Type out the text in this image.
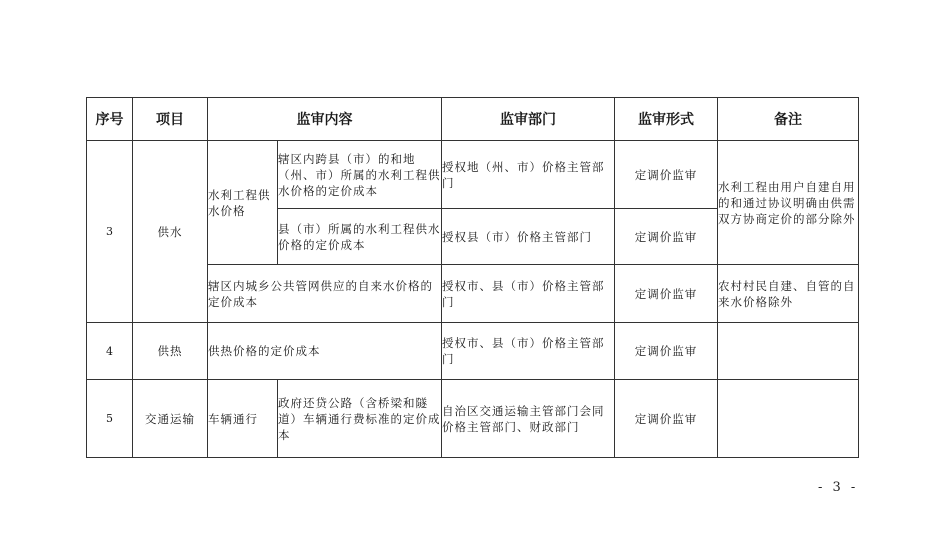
序号	项目	监审内容		监审部门	监审形式	备注
3	供水	水利工程供水价格	辖区内跨县（市）的和地（州、市）所属的水利工程供水价格的定价成本	授权地（州、市）价格主管部门	定调价监审	水利工程由用户自建自用的和通过协议明确由供需双方协商定价的部分除外
			县（市）所属的水利工程供水价格的定价成本	授权县（市）价格主管部门	定调价监审	
		辖区内城乡公共管网供应的自来水价格的定价成本		授权市、县（市）价格主管部门	定调价监审	农村村民自建、自管的自来水价格除外
4	供热	供热价格的定价成本		授权市、县（市）价格主管部门	定调价监审	
5	交通运输	车辆通行	政府还贷公路（含桥梁和隧道）车辆通行费标准的定价成本	自治区交通运输主管部门会同价格主管部门、财政部门	定调价监审	
- 3 -
